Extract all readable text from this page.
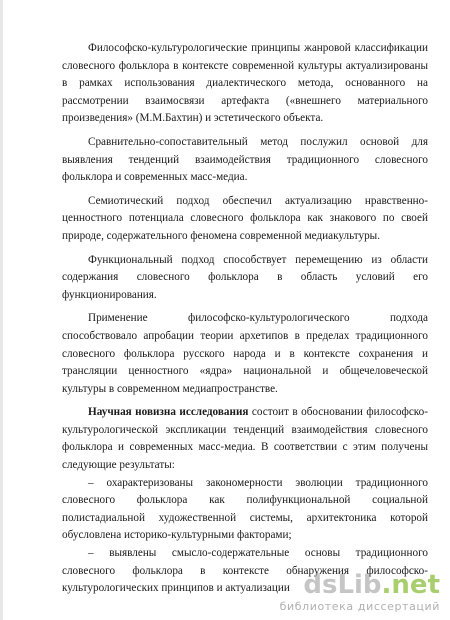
Философско-культурологические принципы жанровой классификации словесного фольклора в контексте современной культуры актуализированы в рамках использования диалектического метода, основанного на рассмотрении взаимосвязи артефакта («внешнего материального произведения» (М.М.Бахтин) и эстетического объекта.

Сравнительно-сопоставительный метод послужил основой для выявления тенденций взаимодействия традиционного словесного фольклора и современных масс-медиа.

Семиотический подход обеспечил актуализацию нравственно-ценностного потенциала словесного фольклора как знакового по своей природе, содержательного феномена современной медиакультуры.

Функциональный подход способствует перемещению из области содержания словесного фольклора в область условий его функционирования.

Применение философско-культурологического подхода способствовало апробации теории архетипов в пределах традиционного словесного фольклора русского народа и в контексте сохранения и трансляции ценностного «ядра» национальной и общечеловеческой культуры в современном медиапространстве.

Научная новизна исследования состоит в обосновании философско-культурологической экспликации тенденций взаимодействия словесного фольклора и современных масс-медиа. В соответствии с этим получены следующие результаты:

– охарактеризованы закономерности эволюции традиционного словесного фольклора как полифункциональной социальной полистадиальной художественной системы, архитектоника которой обусловлена историко-культурными факторами;

– выявлены смысло-содержательные основы традиционного словесного фольклора в контексте обнаружения философско-культурологических принципов и актуализации dsLib.net
библиотека диссертаций
